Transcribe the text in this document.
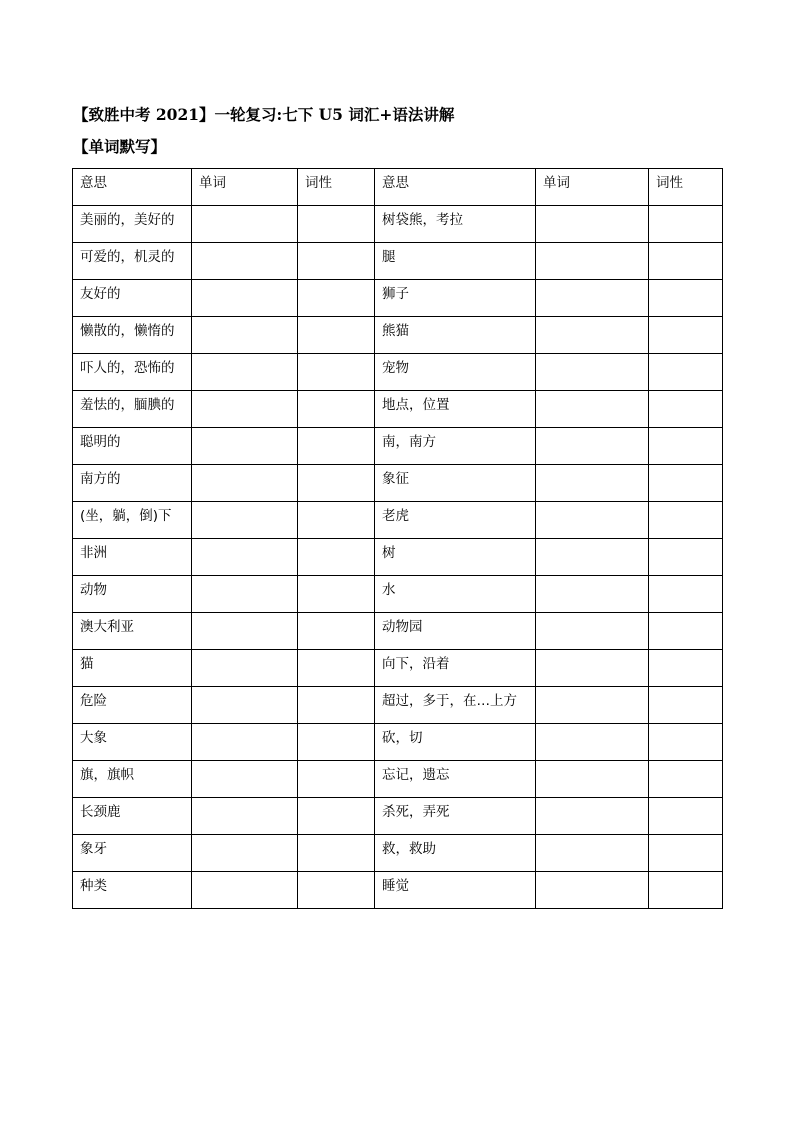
【致胜中考 2021】一轮复习:七下 U5 词汇+语法讲解
【单词默写】
意思	单词	词性	意思	单词	词性
美丽的，美好的			树袋熊，考拉		
可爱的，机灵的			腿		
友好的			狮子		
懒散的，懒惰的			熊猫		
吓人的，恐怖的			宠物		
羞怯的，腼腆的			地点，位置		
聪明的			南，南方		
南方的			象征		
(坐，躺，倒)下			老虎		
非洲			树		
动物			水		
澳大利亚			动物园		
猫			向下，沿着		
危险			超过，多于，在…上方		
大象			砍，切		
旗，旗帜			忘记，遗忘		
长颈鹿			杀死，弄死		
象牙			救，救助		
种类			睡觉		
